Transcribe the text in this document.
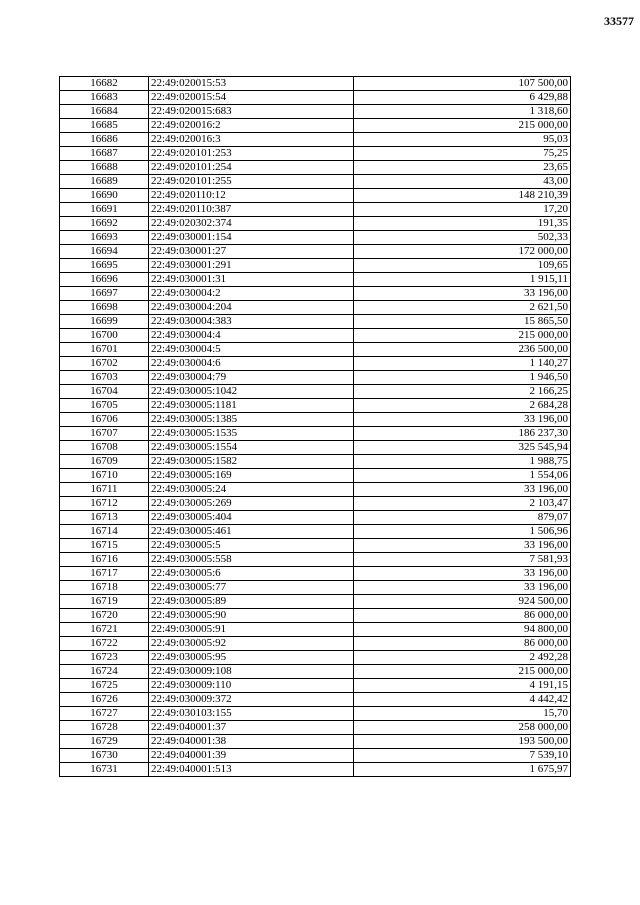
33577
16682	22:49:020015:53	107 500,00
16683	22:49:020015:54	6 429,88
16684	22:49:020015:683	1 318,60
16685	22:49:020016:2	215 000,00
16686	22:49:020016:3	95,03
16687	22:49:020101:253	75,25
16688	22:49:020101:254	23,65
16689	22:49:020101:255	43,00
16690	22:49:020110:12	148 210,39
16691	22:49:020110:387	17,20
16692	22:49:020302:374	191,35
16693	22:49:030001:154	502,33
16694	22:49:030001:27	172 000,00
16695	22:49:030001:291	109,65
16696	22:49:030001:31	1 915,11
16697	22:49:030004:2	33 196,00
16698	22:49:030004:204	2 621,50
16699	22:49:030004:383	15 865,50
16700	22:49:030004:4	215 000,00
16701	22:49:030004:5	236 500,00
16702	22:49:030004:6	1 140,27
16703	22:49:030004:79	1 946,50
16704	22:49:030005:1042	2 166,25
16705	22:49:030005:1181	2 684,28
16706	22:49:030005:1385	33 196,00
16707	22:49:030005:1535	186 237,30
16708	22:49:030005:1554	325 545,94
16709	22:49:030005:1582	1 988,75
16710	22:49:030005:169	1 554,06
16711	22:49:030005:24	33 196,00
16712	22:49:030005:269	2 103,47
16713	22:49:030005:404	879,07
16714	22:49:030005:461	1 506,96
16715	22:49:030005:5	33 196,00
16716	22:49:030005:558	7 581,93
16717	22:49:030005:6	33 196,00
16718	22:49:030005:77	33 196,00
16719	22:49:030005:89	924 500,00
16720	22:49:030005:90	86 000,00
16721	22:49:030005:91	94 800,00
16722	22:49:030005:92	86 000,00
16723	22:49:030005:95	2 492,28
16724	22:49:030009:108	215 000,00
16725	22:49:030009:110	4 191,15
16726	22:49:030009:372	4 442,42
16727	22:49:030103:155	15,70
16728	22:49:040001:37	258 000,00
16729	22:49:040001:38	193 500,00
16730	22:49:040001:39	7 539,10
16731	22:49:040001:513	1 675,97
